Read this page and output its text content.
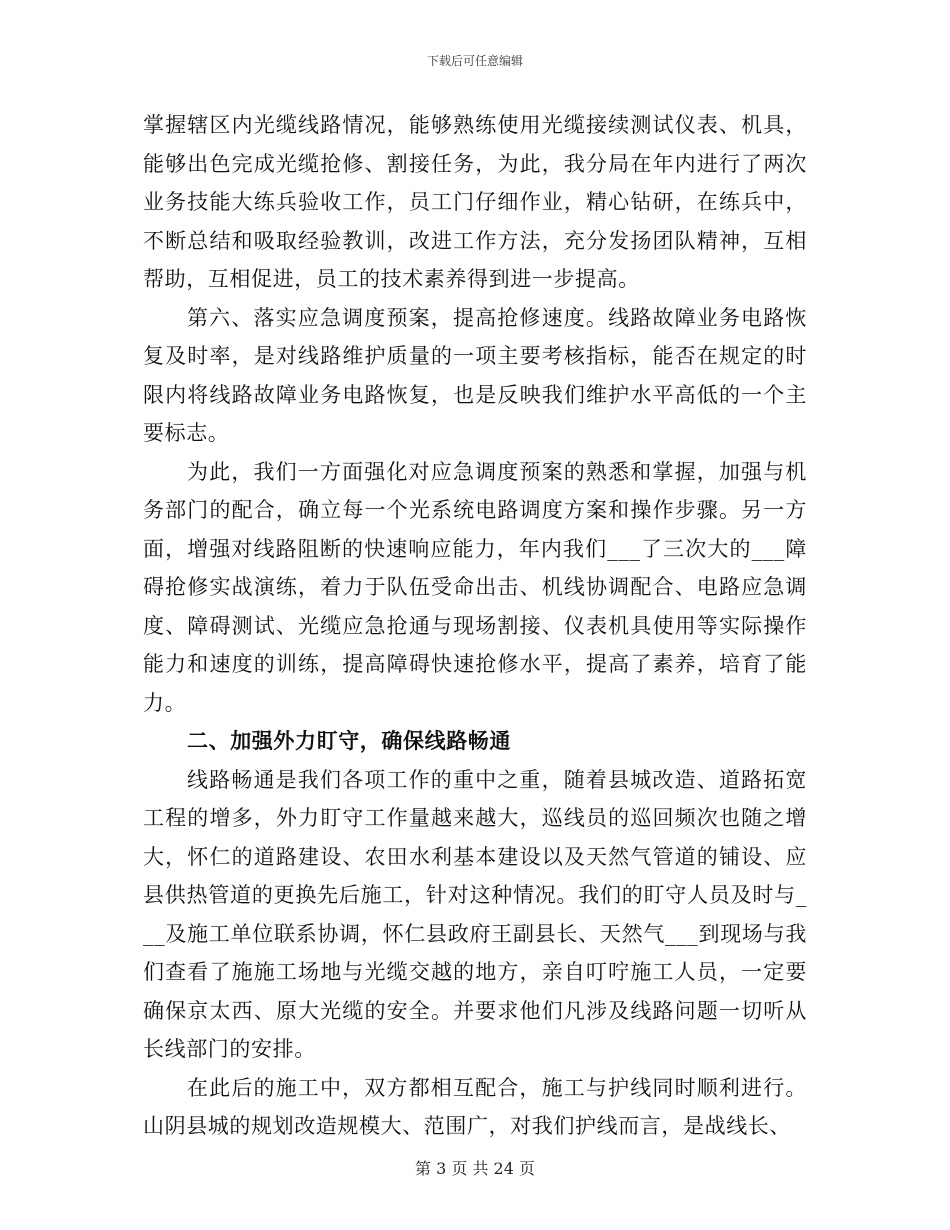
下载后可任意编辑

掌握辖区内光缆线路情况，能够熟练使用光缆接续测试仪表、机具，能够出色完成光缆抢修、割接任务，为此，我分局在年内进行了两次业务技能大练兵验收工作，员工门仔细作业，精心钻研，在练兵中，不断总结和吸取经验教训，改进工作方法，充分发扬团队精神，互相帮助，互相促进，员工的技术素养得到进一步提高。

第六、落实应急调度预案，提高抢修速度。线路故障业务电路恢复及时率，是对线路维护质量的一项主要考核指标，能否在规定的时限内将线路故障业务电路恢复，也是反映我们维护水平高低的一个主要标志。

为此，我们一方面强化对应急调度预案的熟悉和掌握，加强与机务部门的配合，确立每一个光系统电路调度方案和操作步骤。另一方面，增强对线路阻断的快速响应能力，年内我们___了三次大的___障碍抢修实战演练，着力于队伍受命出击、机线协调配合、电路应急调度、障碍测试、光缆应急抢通与现场割接、仪表机具使用等实际操作能力和速度的训练，提高障碍快速抢修水平，提高了素养，培育了能力。

二、加强外力盯守，确保线路畅通

线路畅通是我们各项工作的重中之重，随着县城改造、道路拓宽工程的增多，外力盯守工作量越来越大，巡线员的巡回频次也随之增大，怀仁的道路建设、农田水利基本建设以及天然气管道的铺设、应县供热管道的更换先后施工，针对这种情况。我们的盯守人员及时与___及施工单位联系协调，怀仁县政府王副县长、天然气___到现场与我们查看了施施工场地与光缆交越的地方，亲自叮咛施工人员，一定要确保京太西、原大光缆的安全。并要求他们凡涉及线路问题一切听从长线部门的安排。

在此后的施工中，双方都相互配合，施工与护线同时顺利进行。山阴县城的规划改造规模大、范围广，对我们护线而言，是战线长、

第 3 页 共 24 页
